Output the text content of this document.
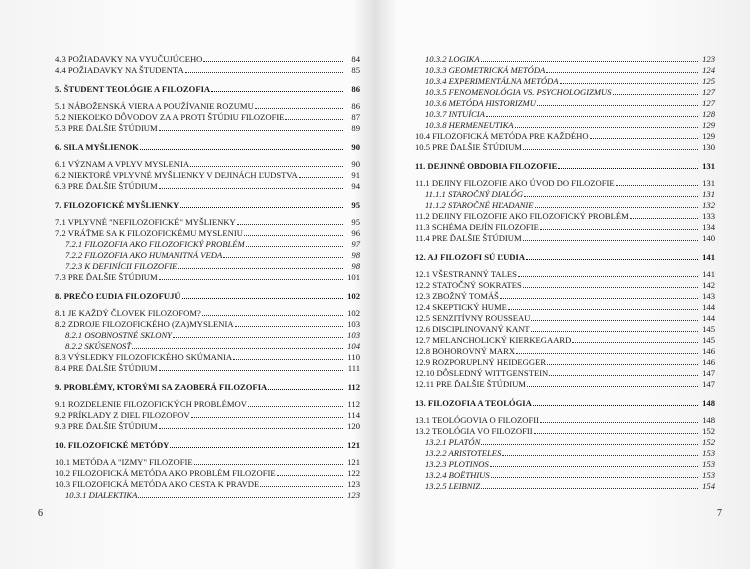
4.3 POŽIADAVKY NA VYUČUJÚCEHO	84
4.4 POŽIADAVKY NA ŠTUDENTA	85
5. ŠTUDENT TEOLÓGIE A FILOZOFIA	86
5.1 NÁBOŽENSKÁ VIERA A POUŽÍVANIE ROZUMU	86
5.2 NIEKOĽKO DÔVODOV ZA A PROTI ŠTÚDIU FILOZOFIE	87
5.3 PRE ĎALŠIE ŠTÚDIUM	89
6. SILA MYŠLIENOK	90
6.1 VÝZNAM A VPLYV MYSLENIA	90
6.2 NIEKTORÉ VPLYVNÉ MYŠLIENKY V DEJINÁCH ĽUDSTVA	91
6.3 PRE ĎALŠIE ŠTÚDIUM	94
7. FILOZOFICKÉ MYŠLIENKY	95
7.1 VPLYVNÉ "NEFILOZOFICKÉ" MYŠLIENKY	95
7.2 VRÁŤME SA K FILOZOFICKÉMU MYSLENIU	96
7.2.1 FILOZOFIA AKO FILOZOFICKÝ PROBLÉM	97
7.2.2 FILOZOFIA AKO HUMANITNÁ VEDA	98
7.2.3 K DEFINÍCII FILOZOFIE	98
7.3 PRE ĎALŠIE ŠTÚDIUM	101
8. PREČO ĽUDIA FILOZOFUJÚ	102
8.1 JE KAŽDÝ ČLOVEK FILOZOFOM?	102
8.2 ZDROJE FILOZOFICKÉHO (ZA)MYSLENIA	103
8.2.1 OSOBNOSTNÉ SKLONY	103
8.2.2 SKÚSENOSŤ	104
8.3 VÝSLEDKY FILOZOFICKÉHO SKÚMANIA	110
8.4 PRE ĎALŠIE ŠTÚDIUM	111
9. PROBLÉMY, KTORÝMI SA ZAOBERÁ FILOZOFIA	112
9.1 ROZDELENIE FILOZOFICKÝCH PROBLÉMOV	112
9.2 PRÍKLADY Z DIEL FILOZOFOV	114
9.3 PRE ĎALŠIE ŠTÚDIUM	120
10. FILOZOFICKÉ METÓDY	121
10.1 METÓDA A "IZMY" FILOZOFIE	121
10.2 FILOZOFICKÁ METÓDA AKO PROBLÉM FILOZOFIE	122
10.3 FILOZOFICKÁ METÓDA AKO CESTA K PRAVDE	123
10.3.1 DIALEKTIKA	123
6
10.3.2 LOGIKA	123
10.3.3 GEOMETRICKÁ METÓDA	124
10.3.4 EXPERIMENTÁLNA METÓDA	125
10.3.5 FENOMENOLÓGIA VS. PSYCHOLOGIZMUS	127
10.3.6 METÓDA HISTORIZMU	127
10.3.7 INTUÍCIA	128
10.3.8 HERMENEUTIKA	129
10.4 FILOZOFICKÁ METÓDA PRE KAŽDÉHO	129
10.5 PRE ĎALŠIE ŠTÚDIUM	130
11. DEJINNÉ OBDOBIA FILOZOFIE	131
11.1 DEJINY FILOZOFIE AKO ÚVOD DO FILOZOFIE	131
11.1.1 STAROČNÝ DIALÓG	131
11.1.2 STAROČNÉ HĽADANIE	132
11.2 DEJINY FILOZOFIE AKO FILOZOFICKÝ PROBLÉM	133
11.3 SCHÉMA DEJÍN FILOZOFIE	134
11.4 PRE ĎALŠIE ŠTÚDIUM	140
12. AJ FILOZOFI SÚ ĽUDIA	141
12.1 VŠESTRANNÝ TALES	141
12.2 STATOČNÝ SOKRATES	142
12.3 ZBOŽNÝ TOMÁŠ	143
12.4 SKEPTICKÝ HUME	144
12.5 SENZITÍVNY ROUSSEAU	144
12.6 DISCIPLINOVANÝ KANT	145
12.7 MELANCHOLICKÝ KIERKEGAARD	145
12.8 BOHOROVNÝ MARX	146
12.9 ROZPORUPLNÝ HEIDEGGER	146
12.10 DÔSLEDNÝ WITTGENSTEIN	147
12.11 PRE ĎALŠIE ŠTÚDIUM	147
13. FILOZOFIA A TEOLÓGIA	148
13.1 TEOLÓGOVIA O FILOZOFII	148
13.2 TEOLÓGIA VO FILOZOFII	152
13.2.1 PLATÓN	152
13.2.2 ARISTOTELES	153
13.2.3 PLOTINOS	153
13.2.4 BOËTHIUS	153
13.2.5 LEIBNIZ	154
7
